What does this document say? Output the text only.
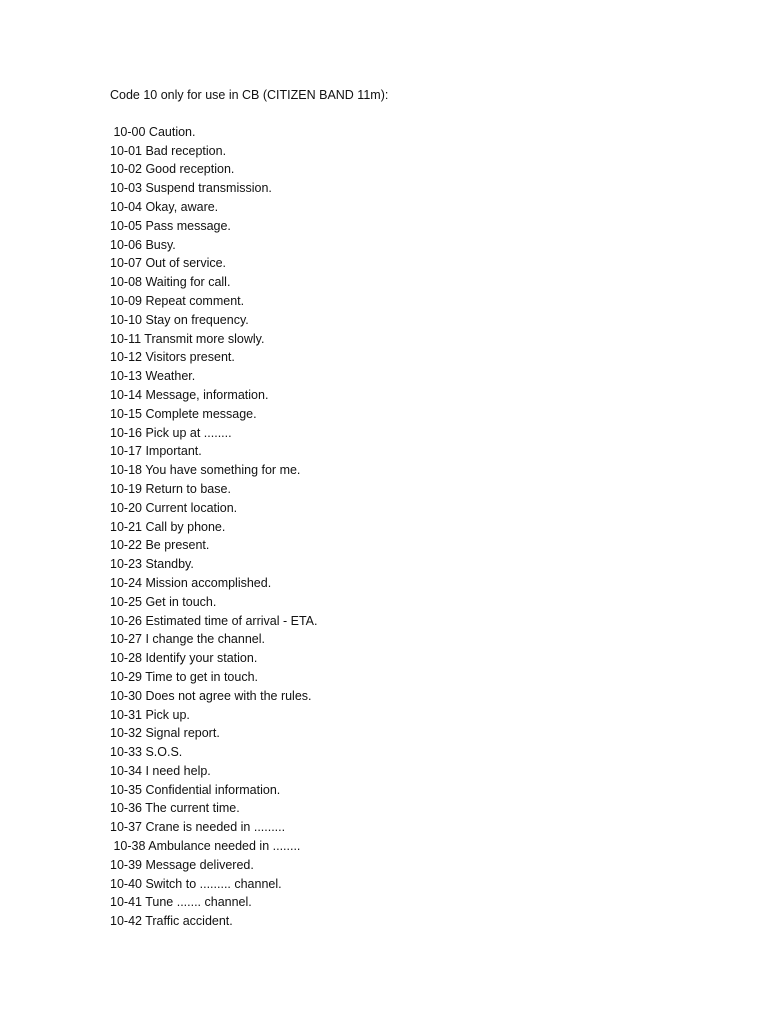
Code 10 only for use in CB (CITIZEN BAND 11m):

10-00 Caution.
10-01 Bad reception.
10-02 Good reception.
10-03 Suspend transmission.
10-04 Okay, aware.
10-05 Pass message.
10-06 Busy.
10-07 Out of service.
10-08 Waiting for call.
10-09 Repeat comment.
10-10 Stay on frequency.
10-11 Transmit more slowly.
10-12 Visitors present.
10-13 Weather.
10-14 Message, information.
10-15 Complete message.
10-16 Pick up at ........
10-17 Important.
10-18 You have something for me.
10-19 Return to base.
10-20 Current location.
10-21 Call by phone.
10-22 Be present.
10-23 Standby.
10-24 Mission accomplished.
10-25 Get in touch.
10-26 Estimated time of arrival - ETA.
10-27 I change the channel.
10-28 Identify your station.
10-29 Time to get in touch.
10-30 Does not agree with the rules.
10-31 Pick up.
10-32 Signal report.
10-33 S.O.S.
10-34 I need help.
10-35 Confidential information.
10-36 The current time.
10-37 Crane is needed in .........
10-38 Ambulance needed in ........
10-39 Message delivered.
10-40 Switch to ......... channel.
10-41 Tune ....... channel.
10-42 Traffic accident.
